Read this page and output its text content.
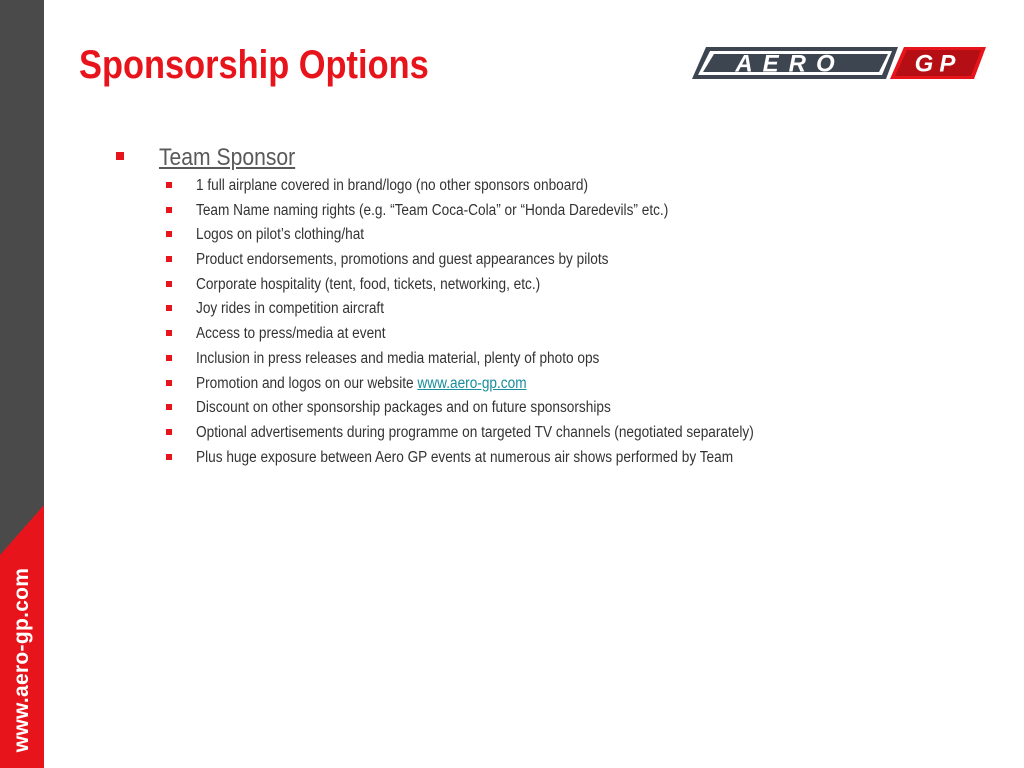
www.aero-gp.com
Sponsorship Options	AERO	GP
Team Sponsor
1 full airplane covered in brand/logo (no other sponsors onboard)
Team Name naming rights (e.g. “Team Coca-Cola” or “Honda Daredevils” etc.)
Logos on pilot’s clothing/hat
Product endorsements, promotions and guest appearances by pilots
Corporate hospitality (tent, food, tickets, networking, etc.)
Joy rides in competition aircraft
Access to press/media at event
Inclusion in press releases and media material, plenty of photo ops
Promotion and logos on our website www.aero-gp.com
Discount on other sponsorship packages and on future sponsorships
Optional advertisements during programme on targeted TV channels (negotiated separately)
Plus huge exposure between Aero GP events at numerous air shows performed by Team
